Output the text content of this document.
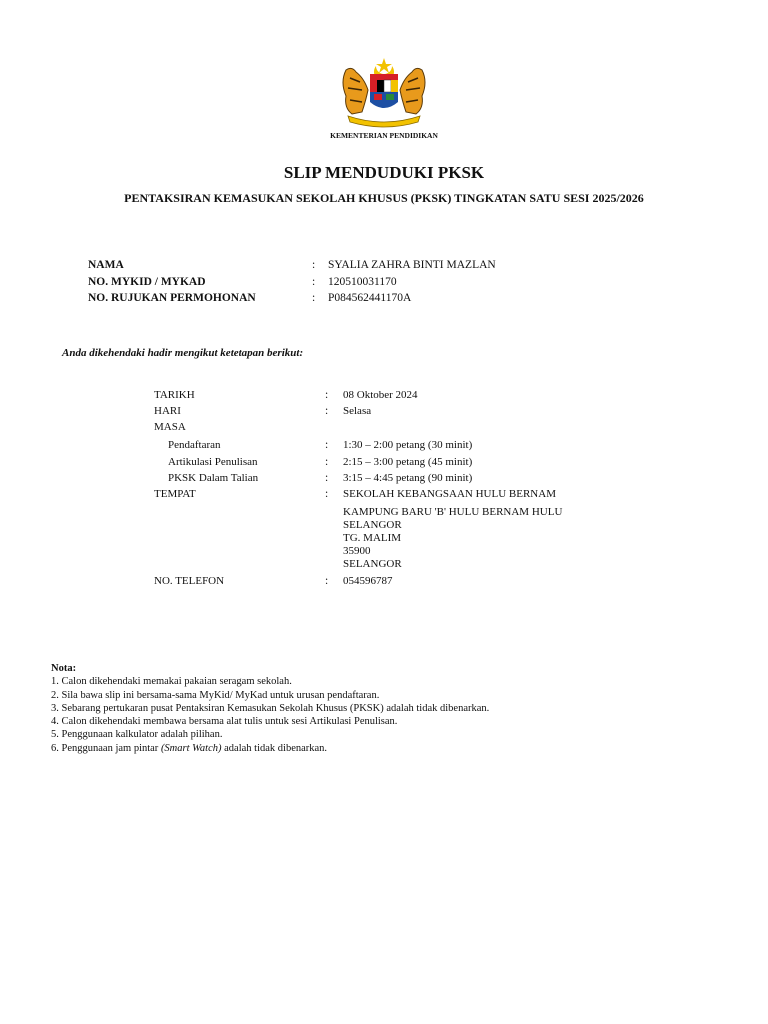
KEMENTERIAN PENDIDIKAN
SLIP MENDUDUKI PKSK
PENTAKSIRAN KEMASUKAN SEKOLAH KHUSUS (PKSK) TINGKATAN SATU SESI 2025/2026
NAMA	: SYALIA ZAHRA BINTI MAZLAN
NO. MYKID / MYKAD	: 120510031170
NO. RUJUKAN PERMOHONAN	: P084562441170A
Anda dikehendaki hadir mengikut ketetapan berikut:
TARIKH	: 08 Oktober 2024
HARI	: Selasa
MASA
Pendaftaran	: 1:30 – 2:00 petang (30 minit)
Artikulasi Penulisan	: 2:15 – 3:00 petang (45 minit)
PKSK Dalam Talian	: 3:15 – 4:45 petang (90 minit)
TEMPAT	: SEKOLAH KEBANGSAAN HULU BERNAM
KAMPUNG BARU 'B' HULU BERNAM HULU
SELANGOR
TG. MALIM
35900
SELANGOR
NO. TELEFON	: 054596787
Nota:
1. Calon dikehendaki memakai pakaian seragam sekolah.
2. Sila bawa slip ini bersama-sama MyKid/ MyKad untuk urusan pendaftaran.
3. Sebarang pertukaran pusat Pentaksiran Kemasukan Sekolah Khusus (PKSK) adalah tidak dibenarkan.
4. Calon dikehendaki membawa bersama alat tulis untuk sesi Artikulasi Penulisan.
5. Penggunaan kalkulator adalah pilihan.
6. Penggunaan jam pintar (Smart Watch) adalah tidak dibenarkan.
